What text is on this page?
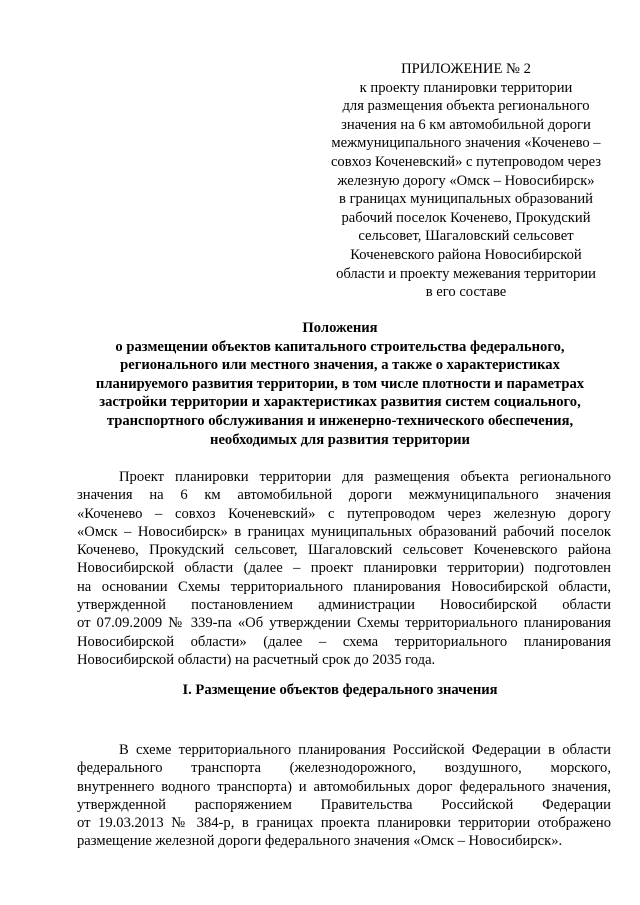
ПРИЛОЖЕНИЕ № 2
к проекту планировки территории
для размещения объекта регионального
значения на 6 км автомобильной дороги
межмуниципального значения «Коченево –
совхоз Коченевский» с путепроводом через
железную дорогу «Омск – Новосибирск»
в границах муниципальных образований
рабочий поселок Коченево, Прокудский
сельсовет, Шагаловский сельсовет
Коченевского района Новосибирской
области и проекту межевания территории
в его составе
Положения
о размещении объектов капитального строительства федерального,
регионального или местного значения, а также о характеристиках
планируемого развития территории, в том числе плотности и параметрах
застройки территории и характеристиках развития систем социального,
транспортного обслуживания и инженерно-технического обеспечения,
необходимых для развития территории
Проект планировки территории для размещения объекта регионального
значения на 6 км автомобильной дороги межмуниципального значения
«Коченево – совхоз Коченевский» с путепроводом через железную дорогу
«Омск – Новосибирск» в границах муниципальных образований рабочий поселок
Коченево, Прокудский сельсовет, Шагаловский сельсовет Коченевского района
Новосибирской области (далее – проект планировки территории) подготовлен
на основании Схемы территориального планирования Новосибирской области,
утвержденной постановлением администрации Новосибирской области
от 07.09.2009 № 339-па «Об утверждении Схемы территориального планирования
Новосибирской области» (далее – схема территориального планирования
Новосибирской области) на расчетный срок до 2035 года.
I. Размещение объектов федерального значения
В схеме территориального планирования Российской Федерации в области
федерального транспорта (железнодорожного, воздушного, морского,
внутреннего водного транспорта) и автомобильных дорог федерального значения,
утвержденной распоряжением Правительства Российской Федерации
от 19.03.2013 № 384-р, в границах проекта планировки территории отображено
размещение железной дороги федерального значения «Омск – Новосибирск».
